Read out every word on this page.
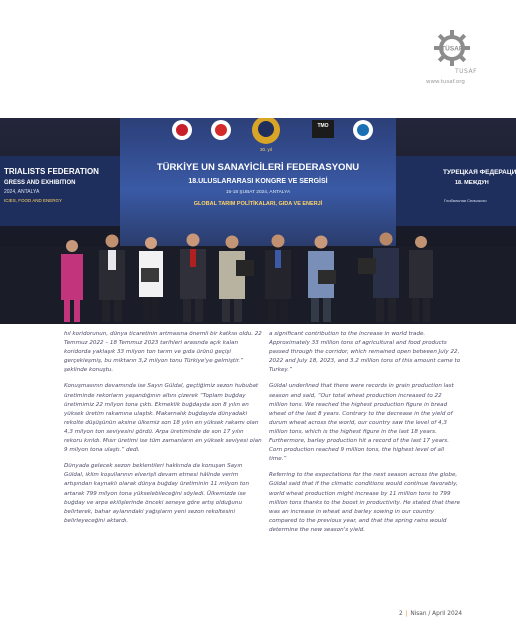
TÜSAF
TUSAF
www.tusaf.org
TRIALISTS FEDERATION
GRESS AND EXHIBITION
2024, ANTALYA
ICIES, FOOD AND ENERGY
ТУРЕЦКАЯ ФЕДЕРАЦИ
18. МЕЖДУН
Глобальная Сельскохо
30. yıl
TMO
TÜRKİYE UN SANAYİCİLERİ FEDERASYONU
18.ULUSLARARASI KONGRE VE SERGİSİ
15-18 ŞUBAT 2024, ANTALYA
GLOBAL TARIM POLİTİKALARI, GIDA VE ENERJİ

hıl koridorunun, dünya ticaretinin artmasına önemli bir katkısı oldu. 22 Temmuz 2022 – 18 Temmuz 2023 tarihleri arasında açık kalan koridorda yaklaşık 33 milyon ton tarım ve gıda ürünü geçişi gerçekleşmiş, bu miktarın 3,2 milyon tonu Türkiye'ye gelmiştir.” şeklinde konuştu.

Konuşmasının devamında ise Sayın Güldal, geçtiğimiz sezon hububat üretiminde rekorların yaşandığının altını çizerek “Toplam buğday üretimimiz 22 milyon tona çıktı. Ekmeklik buğdayda son 8 yılın en yüksek üretim rakamına ulaştık. Makarnalık buğdayda dünyadaki rekolte düşüşünün aksine ülkemiz son 18 yılın en yüksek rakamı olan 4,3 milyon ton seviyesini gördü. Arpa üretiminde de son 17 yılın rekoru kırıldı. Mısır üretimi ise tüm zamanların en yüksek seviyesi olan 9 milyon tona ulaştı.” dedi.

Dünyada gelecek sezon beklentileri hakkında da konuşan Sayın Güldal, iklim koşullarının elverişli devam etmesi hâlinde verim artışından kaynaklı olarak dünya buğday üretiminin 11 milyon ton artarak 799 milyon tona yükselebileceğini söyledi. Ülkemizde ise buğday ve arpa ekilişlerinde önceki seneye göre artış olduğunu belirterek, bahar aylarındaki yağışların yeni sezon rekoltesini belirleyeceğini aktardı.

a significant contribution to the increase in world trade. Approximately 33 million tons of agricultural and food products passed through the corridor, which remained open between July 22, 2022 and July 18, 2023, and 3.2 million tons of this amount came to Turkey.”

Güldal underlined that there were records in grain production last season and said, “Our total wheat production increased to 22 million tons. We reached the highest production figure in bread wheat of the last 8 years. Contrary to the decrease in the yield of durum wheat across the world, our country saw the level of 4,3 million tons, which is the highest figure in the last 18 years. Furthermore, barley production hit a record of the last 17 years. Corn production reached 9 million tons, the highest level of all time.”

Referring to the expectations for the next season across the globe, Güldal said that if the climatic conditions would continue favorably, world wheat production might increase by 11 million tons to 799 million tons thanks to the boost in productivity. He stated that there was an increase in wheat and barley sowing in our country compared to the previous year, and that the spring rains would determine the new season's yield.

2 | Nisan / April 2024
